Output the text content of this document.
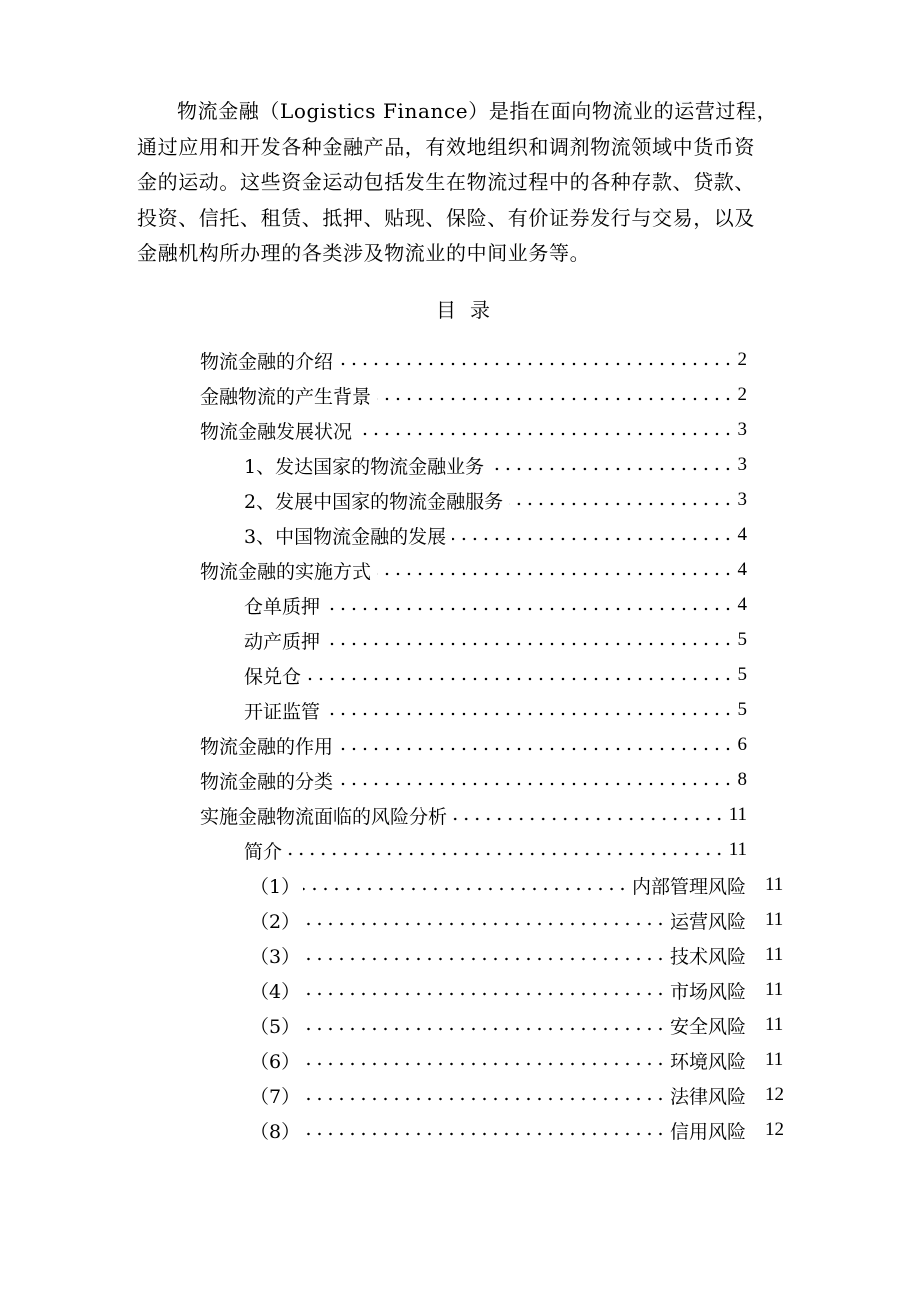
物流金融（Logistics Finance）是指在面向物流业的运营过程，
通过应用和开发各种金融产品，有效地组织和调剂物流领域中货币资
金的运动。这些资金运动包括发生在物流过程中的各种存款、贷款、
投资、信托、租赁、抵押、贴现、保险、有价证券发行与交易，以及
金融机构所办理的各类涉及物流业的中间业务等。
目录
物流金融的介绍	2
金融物流的产生背景	2
物流金融发展状况	3
1、发达国家的物流金融业务	3
2、发展中国家的物流金融服务	3
3、中国物流金融的发展	4
物流金融的实施方式	4
仓单质押	4
动产质押	5
保兑仓	5
开证监管	5
物流金融的作用	6
物流金融的分类	8
实施金融物流面临的风险分析	11
简介	11
（1）	内部管理风险 11
（2）	运营风险 11
（3）	技术风险 11
（4）	市场风险 11
（5）	安全风险 11
（6）	环境风险 11
（7）	法律风险 12
（8）	信用风险 12
